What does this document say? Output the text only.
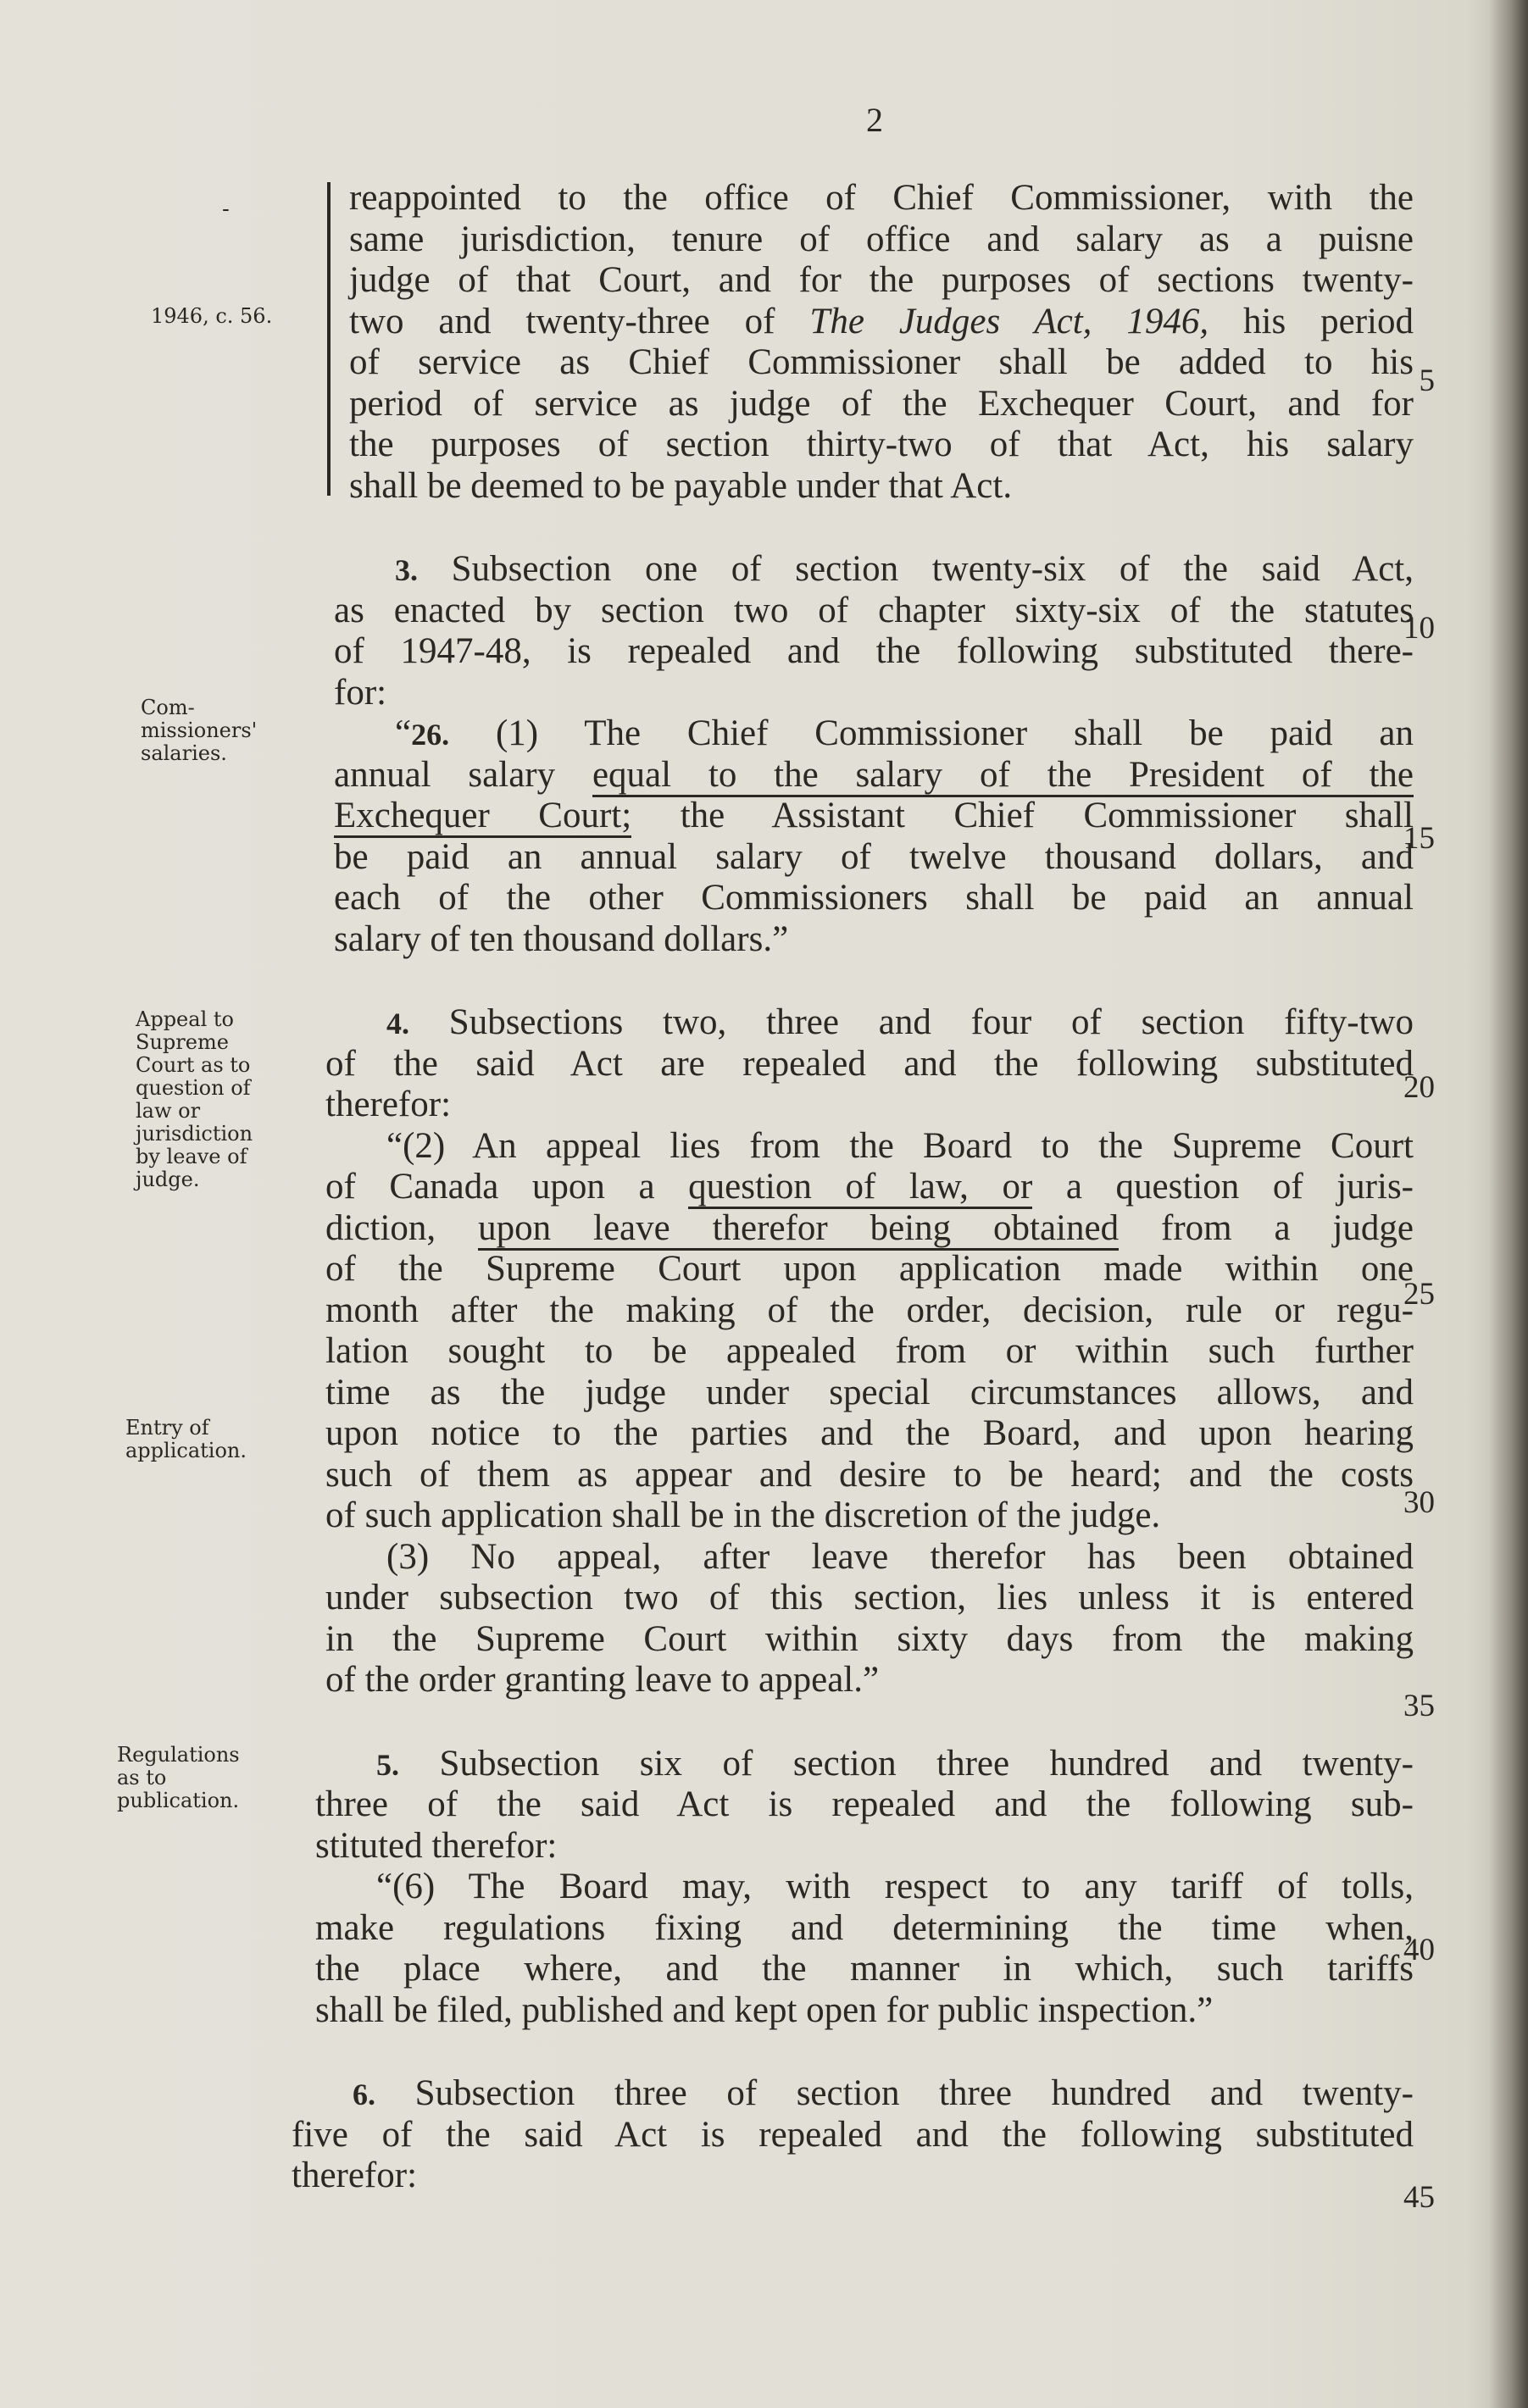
2
-
1946, c. 56.
Com-
missioners'
salaries.
Appeal to
Supreme
Court as to
question of
law or
jurisdiction
by leave of
judge.
Entry of
application.
Regulations
as to
publication.
5
10
15
20
25
30
35
40
45
reappointed to the office of Chief Commissioner, with the
same jurisdiction, tenure of office and salary as a puisne
judge of that Court, and for the purposes of sections twenty-
two and twenty-three of The Judges Act, 1946, his period
of service as Chief Commissioner shall be added to his
period of service as judge of the Exchequer Court, and for
the purposes of section thirty-two of that Act, his salary
shall be deemed to be payable under that Act.
3. Subsection one of section twenty-six of the said Act,
as enacted by section two of chapter sixty-six of the statutes
of 1947-48, is repealed and the following substituted there-
for:
“26. (1) The Chief Commissioner shall be paid an
annual salary equal to the salary of the President of the
Exchequer Court; the Assistant Chief Commissioner shall
be paid an annual salary of twelve thousand dollars, and
each of the other Commissioners shall be paid an annual
salary of ten thousand dollars.”
4. Subsections two, three and four of section fifty-two
of the said Act are repealed and the following substituted
therefor:
“(2) An appeal lies from the Board to the Supreme Court
of Canada upon a question of law, or a question of juris-
diction, upon leave therefor being obtained from a judge
of the Supreme Court upon application made within one
month after the making of the order, decision, rule or regu-
lation sought to be appealed from or within such further
time as the judge under special circumstances allows, and
upon notice to the parties and the Board, and upon hearing
such of them as appear and desire to be heard; and the costs
of such application shall be in the discretion of the judge.
(3) No appeal, after leave therefor has been obtained
under subsection two of this section, lies unless it is entered
in the Supreme Court within sixty days from the making
of the order granting leave to appeal.”
5. Subsection six of section three hundred and twenty-
three of the said Act is repealed and the following sub-
stituted therefor:
“(6) The Board may, with respect to any tariff of tolls,
make regulations fixing and determining the time when,
the place where, and the manner in which, such tariffs
shall be filed, published and kept open for public inspection.”
6. Subsection three of section three hundred and twenty-
five of the said Act is repealed and the following substituted
therefor:
